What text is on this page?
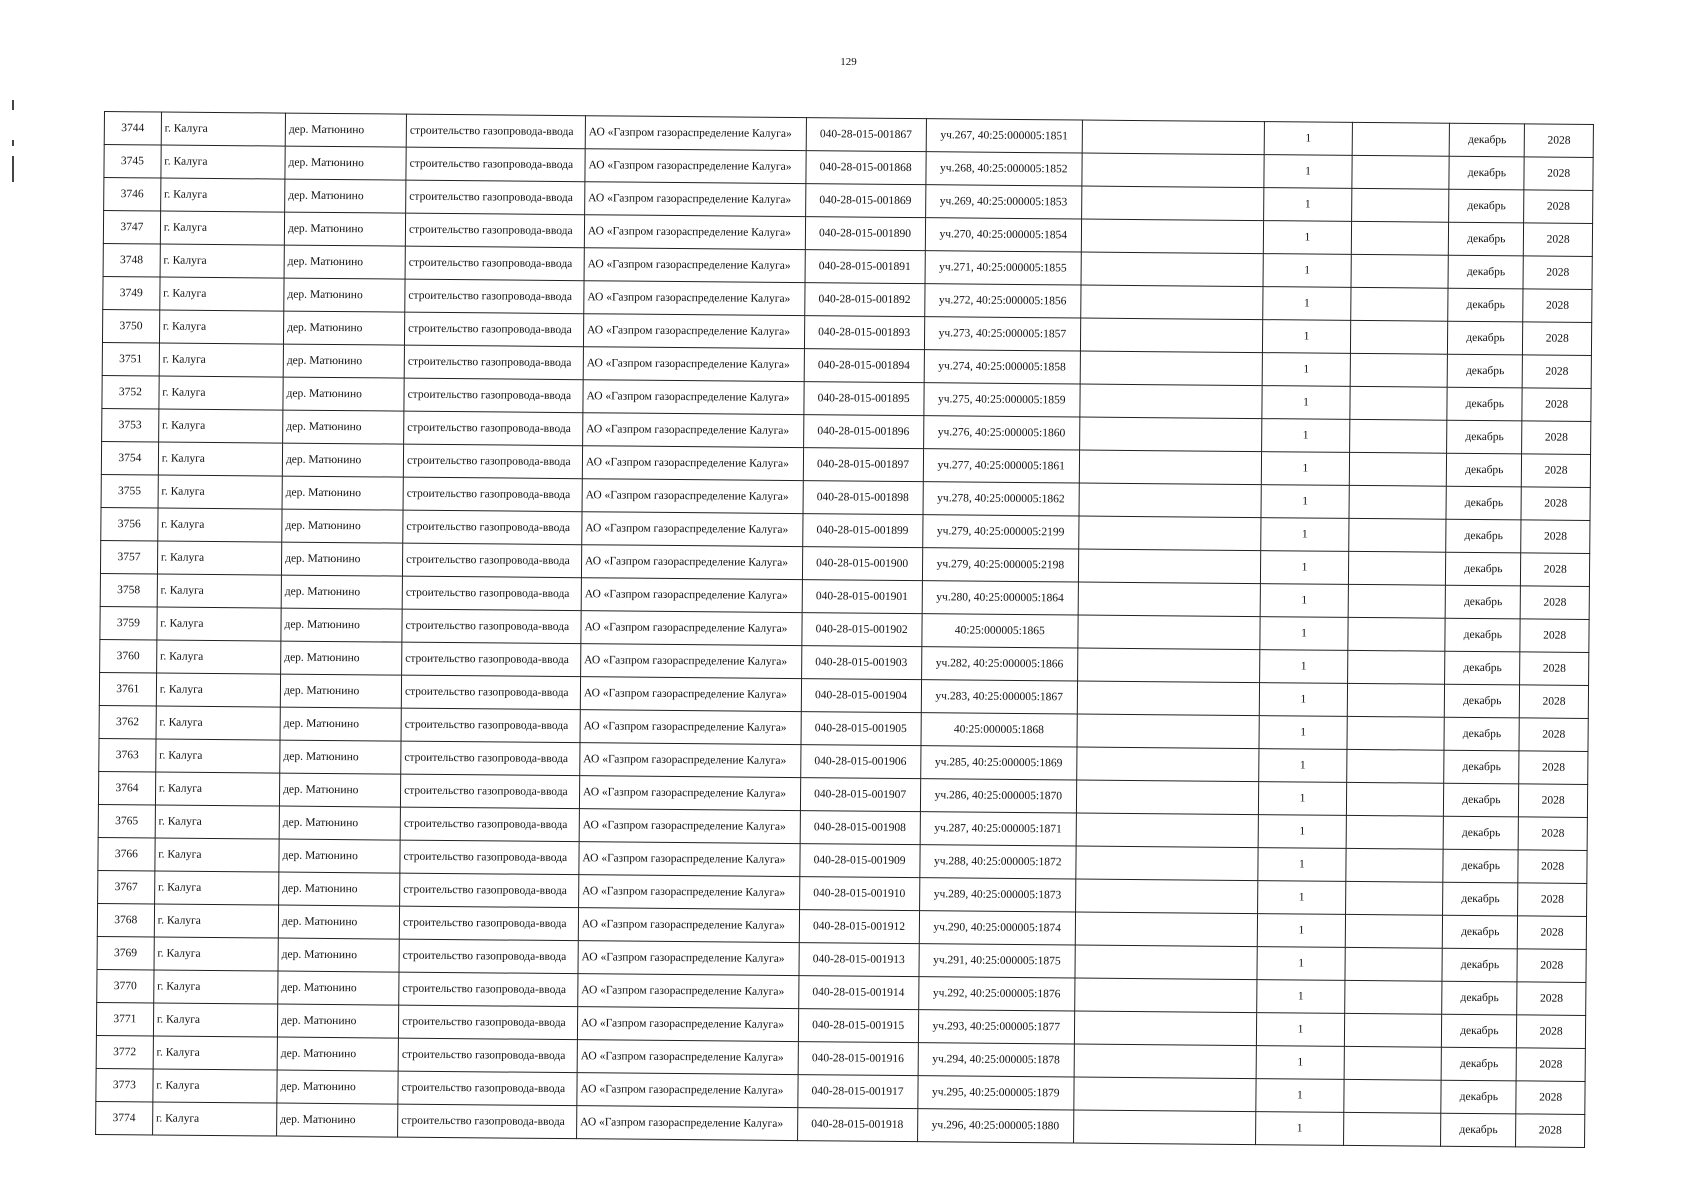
129
3744	г. Калуга	дер. Матюнино	строительство газопровода-ввода	АО «Газпром газораспределение Калуга»	040-28-015-001867	уч.267, 40:25:000005:1851		1		декабрь	2028
3745	г. Калуга	дер. Матюнино	строительство газопровода-ввода	АО «Газпром газораспределение Калуга»	040-28-015-001868	уч.268, 40:25:000005:1852		1		декабрь	2028
3746	г. Калуга	дер. Матюнино	строительство газопровода-ввода	АО «Газпром газораспределение Калуга»	040-28-015-001869	уч.269, 40:25:000005:1853		1		декабрь	2028
3747	г. Калуга	дер. Матюнино	строительство газопровода-ввода	АО «Газпром газораспределение Калуга»	040-28-015-001890	уч.270, 40:25:000005:1854		1		декабрь	2028
3748	г. Калуга	дер. Матюнино	строительство газопровода-ввода	АО «Газпром газораспределение Калуга»	040-28-015-001891	уч.271, 40:25:000005:1855		1		декабрь	2028
3749	г. Калуга	дер. Матюнино	строительство газопровода-ввода	АО «Газпром газораспределение Калуга»	040-28-015-001892	уч.272, 40:25:000005:1856		1		декабрь	2028
3750	г. Калуга	дер. Матюнино	строительство газопровода-ввода	АО «Газпром газораспределение Калуга»	040-28-015-001893	уч.273, 40:25:000005:1857		1		декабрь	2028
3751	г. Калуга	дер. Матюнино	строительство газопровода-ввода	АО «Газпром газораспределение Калуга»	040-28-015-001894	уч.274, 40:25:000005:1858		1		декабрь	2028
3752	г. Калуга	дер. Матюнино	строительство газопровода-ввода	АО «Газпром газораспределение Калуга»	040-28-015-001895	уч.275, 40:25:000005:1859		1		декабрь	2028
3753	г. Калуга	дер. Матюнино	строительство газопровода-ввода	АО «Газпром газораспределение Калуга»	040-28-015-001896	уч.276, 40:25:000005:1860		1		декабрь	2028
3754	г. Калуга	дер. Матюнино	строительство газопровода-ввода	АО «Газпром газораспределение Калуга»	040-28-015-001897	уч.277, 40:25:000005:1861		1		декабрь	2028
3755	г. Калуга	дер. Матюнино	строительство газопровода-ввода	АО «Газпром газораспределение Калуга»	040-28-015-001898	уч.278, 40:25:000005:1862		1		декабрь	2028
3756	г. Калуга	дер. Матюнино	строительство газопровода-ввода	АО «Газпром газораспределение Калуга»	040-28-015-001899	уч.279, 40:25:000005:2199		1		декабрь	2028
3757	г. Калуга	дер. Матюнино	строительство газопровода-ввода	АО «Газпром газораспределение Калуга»	040-28-015-001900	уч.279, 40:25:000005:2198		1		декабрь	2028
3758	г. Калуга	дер. Матюнино	строительство газопровода-ввода	АО «Газпром газораспределение Калуга»	040-28-015-001901	уч.280, 40:25:000005:1864		1		декабрь	2028
3759	г. Калуга	дер. Матюнино	строительство газопровода-ввода	АО «Газпром газораспределение Калуга»	040-28-015-001902	40:25:000005:1865		1		декабрь	2028
3760	г. Калуга	дер. Матюнино	строительство газопровода-ввода	АО «Газпром газораспределение Калуга»	040-28-015-001903	уч.282, 40:25:000005:1866		1		декабрь	2028
3761	г. Калуга	дер. Матюнино	строительство газопровода-ввода	АО «Газпром газораспределение Калуга»	040-28-015-001904	уч.283, 40:25:000005:1867		1		декабрь	2028
3762	г. Калуга	дер. Матюнино	строительство газопровода-ввода	АО «Газпром газораспределение Калуга»	040-28-015-001905	40:25:000005:1868		1		декабрь	2028
3763	г. Калуга	дер. Матюнино	строительство газопровода-ввода	АО «Газпром газораспределение Калуга»	040-28-015-001906	уч.285, 40:25:000005:1869		1		декабрь	2028
3764	г. Калуга	дер. Матюнино	строительство газопровода-ввода	АО «Газпром газораспределение Калуга»	040-28-015-001907	уч.286, 40:25:000005:1870		1		декабрь	2028
3765	г. Калуга	дер. Матюнино	строительство газопровода-ввода	АО «Газпром газораспределение Калуга»	040-28-015-001908	уч.287, 40:25:000005:1871		1		декабрь	2028
3766	г. Калуга	дер. Матюнино	строительство газопровода-ввода	АО «Газпром газораспределение Калуга»	040-28-015-001909	уч.288, 40:25:000005:1872		1		декабрь	2028
3767	г. Калуга	дер. Матюнино	строительство газопровода-ввода	АО «Газпром газораспределение Калуга»	040-28-015-001910	уч.289, 40:25:000005:1873		1		декабрь	2028
3768	г. Калуга	дер. Матюнино	строительство газопровода-ввода	АО «Газпром газораспределение Калуга»	040-28-015-001912	уч.290, 40:25:000005:1874		1		декабрь	2028
3769	г. Калуга	дер. Матюнино	строительство газопровода-ввода	АО «Газпром газораспределение Калуга»	040-28-015-001913	уч.291, 40:25:000005:1875		1		декабрь	2028
3770	г. Калуга	дер. Матюнино	строительство газопровода-ввода	АО «Газпром газораспределение Калуга»	040-28-015-001914	уч.292, 40:25:000005:1876		1		декабрь	2028
3771	г. Калуга	дер. Матюнино	строительство газопровода-ввода	АО «Газпром газораспределение Калуга»	040-28-015-001915	уч.293, 40:25:000005:1877		1		декабрь	2028
3772	г. Калуга	дер. Матюнино	строительство газопровода-ввода	АО «Газпром газораспределение Калуга»	040-28-015-001916	уч.294, 40:25:000005:1878		1		декабрь	2028
3773	г. Калуга	дер. Матюнино	строительство газопровода-ввода	АО «Газпром газораспределение Калуга»	040-28-015-001917	уч.295, 40:25:000005:1879		1		декабрь	2028
3774	г. Калуга	дер. Матюнино	строительство газопровода-ввода	АО «Газпром газораспределение Калуга»	040-28-015-001918	уч.296, 40:25:000005:1880		1		декабрь	2028
